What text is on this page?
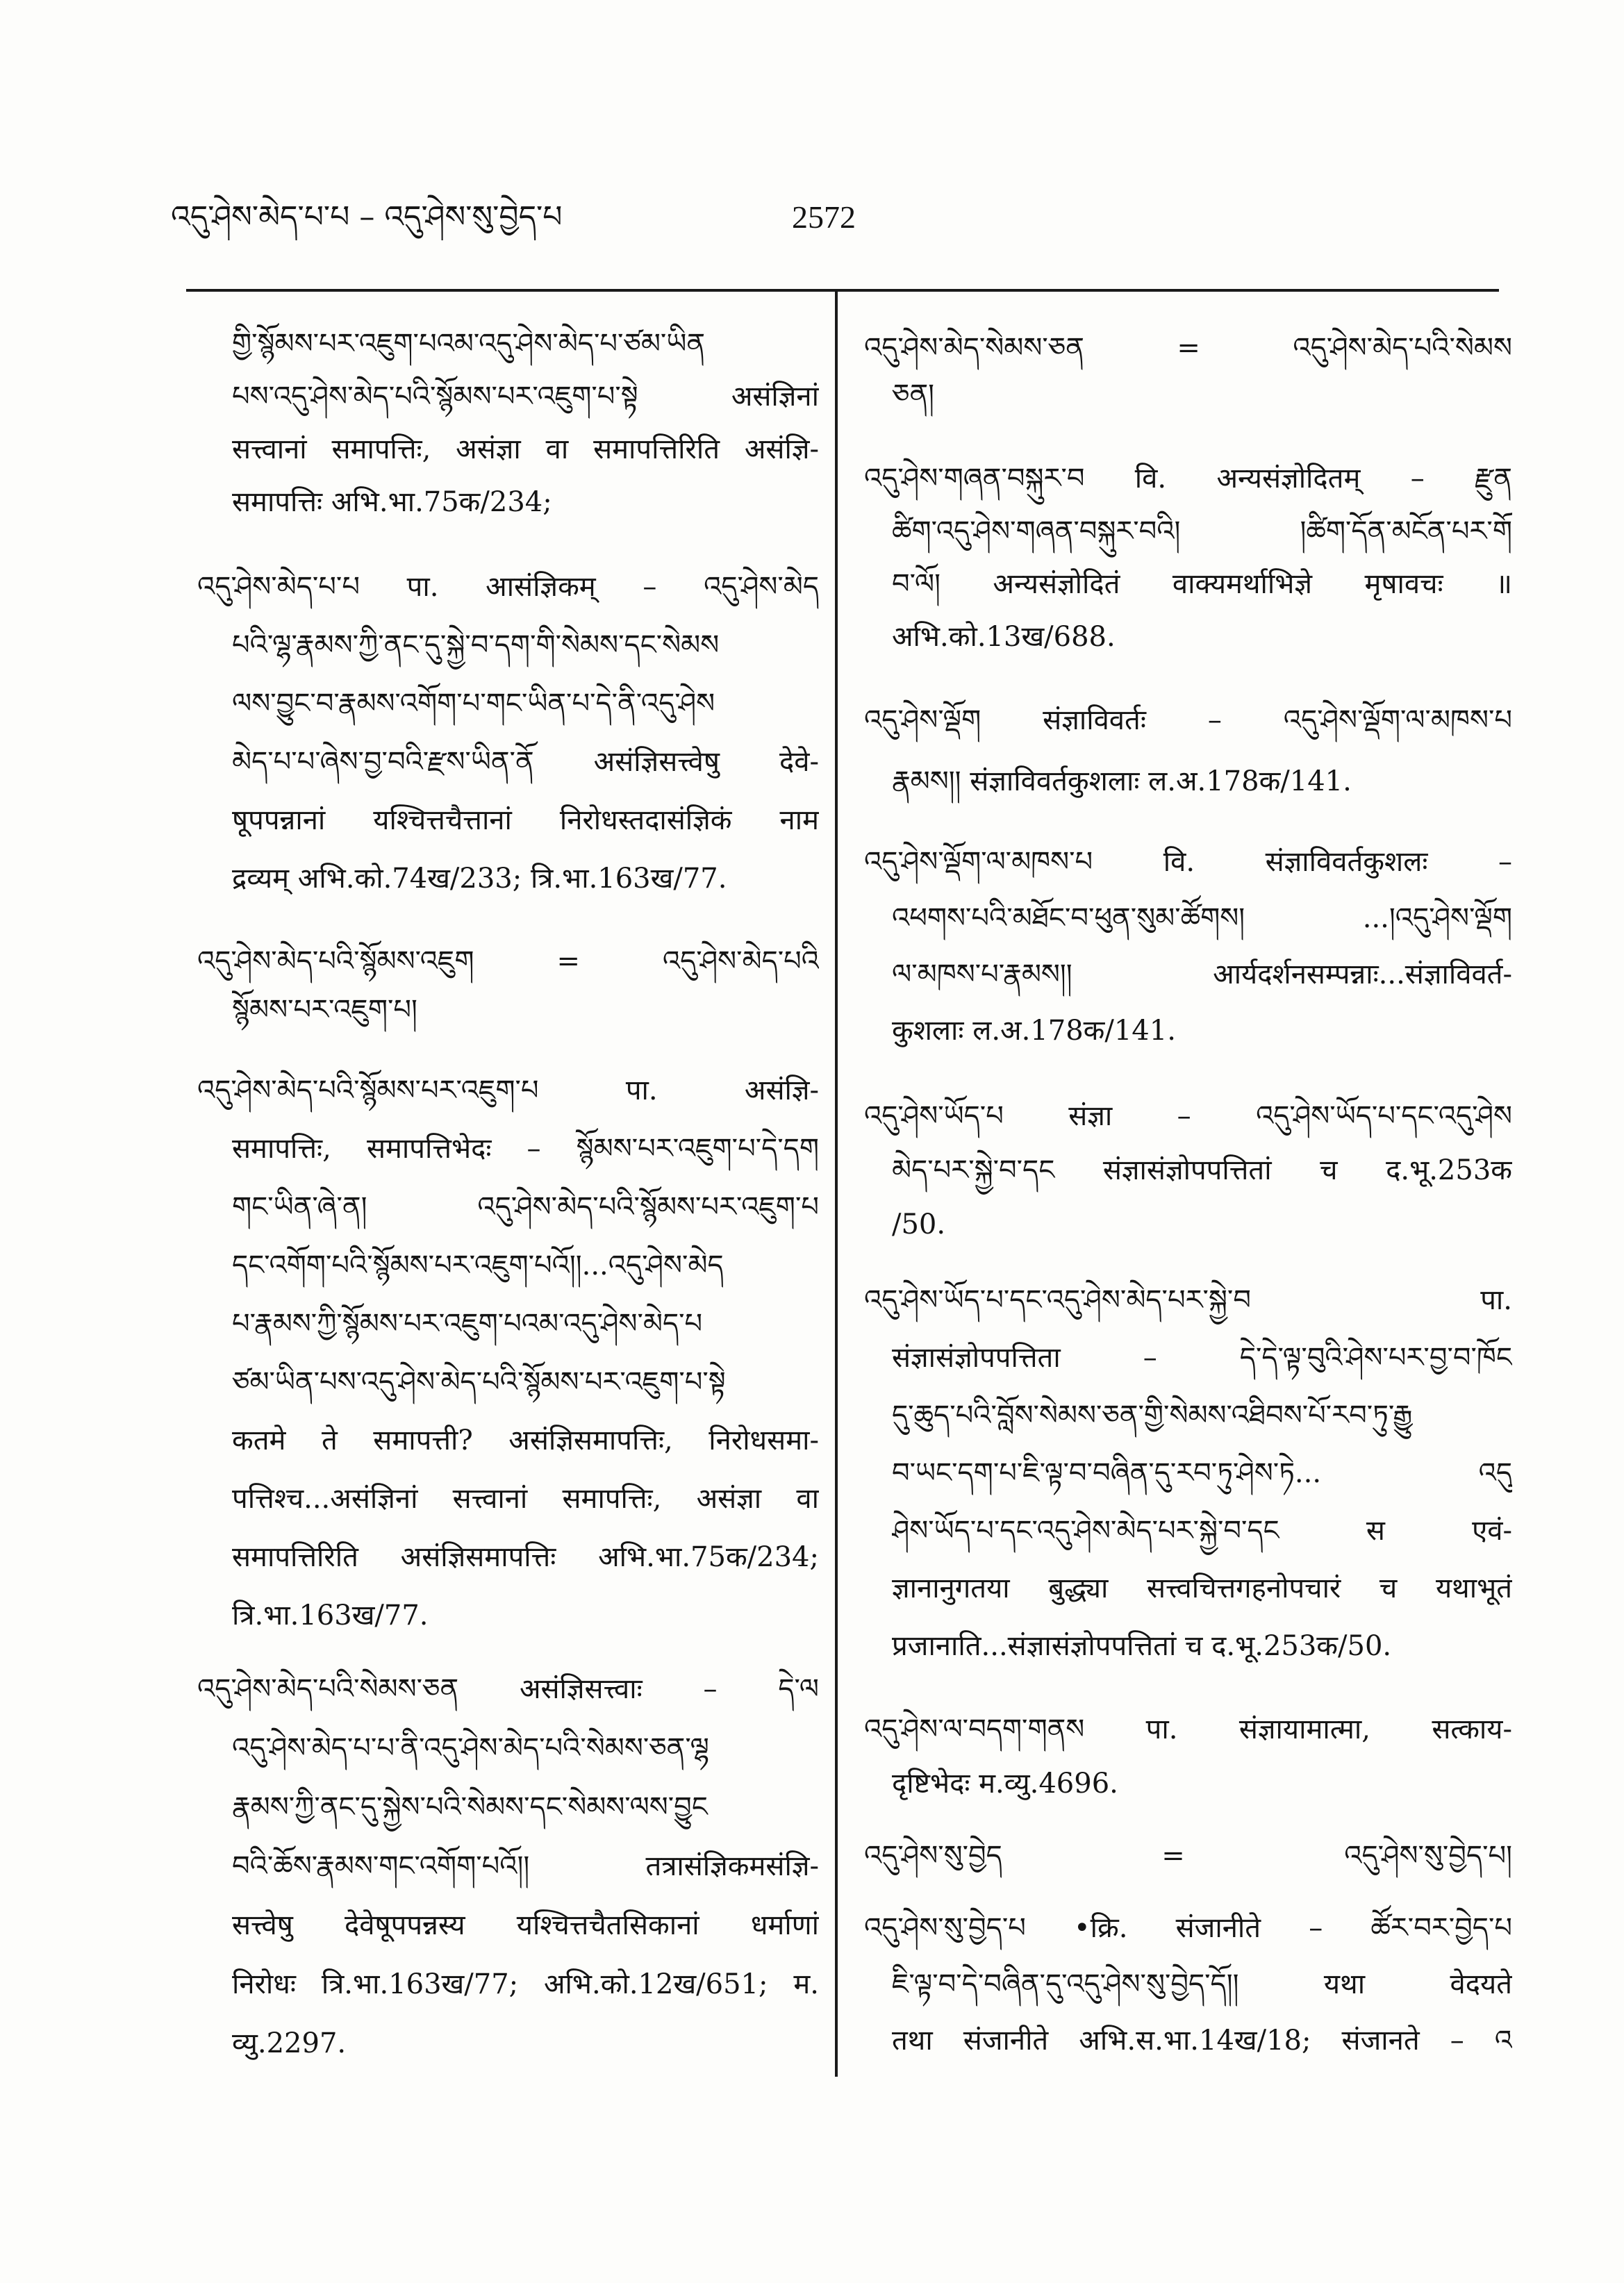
འདུ་ཤེས་མེད་པ་པ – འདུ་ཤེས་སུ་བྱེད་པ	2572
གྱི་སྙོམས་པར་འཇུག་པའམ་འདུ་ཤེས་མེད་པ་ཙམ་ཡིན
པས་འདུ་ཤེས་མེད་པའི་སྙོམས་པར་འཇུག་པ་སྟེ असंज्ञिनां
सत्त्वानां समापत्तिः, असंज्ञा वा समापत्तिरिति असंज्ञि-
समापत्तिः अभि.भा.75क/234;
འདུ་ཤེས་མེད་པ་པ पा. आसंज्ञिकम् – འདུ་ཤེས་མེད
པའི་ལྷ་རྣམས་ཀྱི་ནང་དུ་སྐྱེ་བ་དག་གི་སེམས་དང་སེམས
ལས་བྱུང་བ་རྣམས་འགོག་པ་གང་ཡིན་པ་དེ་ནི་འདུ་ཤེས
མེད་པ་པ་ཞེས་བྱ་བའི་རྫས་ཡིན་ནོ असंज्ञिसत्त्वेषु देवे-
षूपपन्नानां यश्चित्तचैत्तानां निरोधस्तदासंज्ञिकं नाम
द्रव्यम् अभि.को.74ख/233; त्रि.भा.163ख/77.
འདུ་ཤེས་མེད་པའི་སྙོམས་འཇུག = འདུ་ཤེས་མེད་པའི
སྙོམས་པར་འཇུག་པ།
འདུ་ཤེས་མེད་པའི་སྙོམས་པར་འཇུག་པ पा. असंज्ञि-
समापत्तिः, समापत्तिभेदः – སྙོམས་པར་འཇུག་པ་དེ་དག
གང་ཡིན་ཞེ་ན། འདུ་ཤེས་མེད་པའི་སྙོམས་པར་འཇུག་པ
དང་འགོག་པའི་སྙོམས་པར་འཇུག་པའོ།།...འདུ་ཤེས་མེད
པ་རྣམས་ཀྱི་སྙོམས་པར་འཇུག་པའམ་འདུ་ཤེས་མེད་པ
ཙམ་ཡིན་པས་འདུ་ཤེས་མེད་པའི་སྙོམས་པར་འཇུག་པ་སྟེ
कतमे ते समापत्ती? असंज्ञिसमापत्तिः, निरोधसमा-
पत्तिश्च...असंज्ञिनां सत्त्वानां समापत्तिः, असंज्ञा वा
समापत्तिरिति असंज्ञिसमापत्तिः अभि.भा.75क/234;
त्रि.भा.163ख/77.
འདུ་ཤེས་མེད་པའི་སེམས་ཅན असंज्ञिसत्त्वाः – དེ་ལ
འདུ་ཤེས་མེད་པ་པ་ནི་འདུ་ཤེས་མེད་པའི་སེམས་ཅན་ལྷ
རྣམས་ཀྱི་ནང་དུ་སྐྱེས་པའི་སེམས་དང་སེམས་ལས་བྱུང
བའི་ཆོས་རྣམས་གང་འགོག་པའོ།། तत्रासंज्ञिकमसंज्ञि-
सत्त्वेषु देवेषूपपन्नस्य यश्चित्तचैतसिकानां धर्माणां
निरोधः त्रि.भा.163ख/77; अभि.को.12ख/651; म.
व्यु.2297.
འདུ་ཤེས་མེད་སེམས་ཅན = འདུ་ཤེས་མེད་པའི་སེམས
ཅན།
འདུ་ཤེས་གཞན་བསྐུར་བ वि. अन्यसंज्ञोदितम् – རྫུན
ཚིག་འདུ་ཤེས་གཞན་བསྐུར་བའི། །ཚིག་དོན་མངོན་པར་གོ
བ་ལོ། अन्यसंज्ञोदितं वाक्यमर्थाभिज्ञे मृषावचः ॥
अभि.को.13ख/688.
འདུ་ཤེས་ལྡོག संज्ञाविवर्तः – འདུ་ཤེས་ལྡོག་ལ་མཁས་པ
རྣམས།། संज्ञाविवर्तकुशलाः ल.अ.178क/141.
འདུ་ཤེས་ལྡོག་ལ་མཁས་པ वि. संज्ञाविवर्तकुशलः –
འཕགས་པའི་མཐོང་བ་ཕུན་སུམ་ཚོགས། ...།འདུ་ཤེས་ལྡོག
ལ་མཁས་པ་རྣམས།། आर्यदर्शनसम्पन्नाः...संज्ञाविवर्त-
कुशलाः ल.अ.178क/141.
འདུ་ཤེས་ཡོད་པ संज्ञा – འདུ་ཤེས་ཡོད་པ་དང་འདུ་ཤེས
མེད་པར་སྐྱེ་བ་དང संज्ञासंज्ञोपपत्तितां च द.भू.253क
/50.
འདུ་ཤེས་ཡོད་པ་དང་འདུ་ཤེས་མེད་པར་སྐྱེ་བ पा.
संज्ञासंज्ञोपपत्तिता – དེ་དེ་ལྟ་བུའི་ཤེས་པར་བྱ་བ་ཁོང
དུ་ཆུད་པའི་བློས་སེམས་ཅན་གྱི་སེམས་འཐིབས་པོ་རབ་ཏུ་རྒྱུ
བ་ཡང་དག་པ་ཇི་ལྟ་བ་བཞིན་དུ་རབ་ཏུ་ཤེས་ཏེ... འདུ
ཤེས་ཡོད་པ་དང་འདུ་ཤེས་མེད་པར་སྐྱེ་བ་དང स एवं-
ज्ञानानुगतया बुद्ध्या सत्त्वचित्तगहनोपचारं च यथाभूतं
प्रजानाति...संज्ञासंज्ञोपपत्तितां च द.भू.253क/50.
འདུ་ཤེས་ལ་བདག་གནས पा. संज्ञायामात्मा, सत्काय-
दृष्टिभेदः म.व्यु.4696.
འདུ་ཤེས་སུ་བྱེད = འདུ་ཤེས་སུ་བྱེད་པ།
འདུ་ཤེས་སུ་བྱེད་པ •क्रि. संजानीते – ཚོར་བར་བྱེད་པ
ཇི་ལྟ་བ་དེ་བཞིན་དུ་འདུ་ཤེས་སུ་བྱེད་དོ།། यथा वेदयते
तथा संजानीते अभि.स.भा.14ख/18; संजानते – འ
